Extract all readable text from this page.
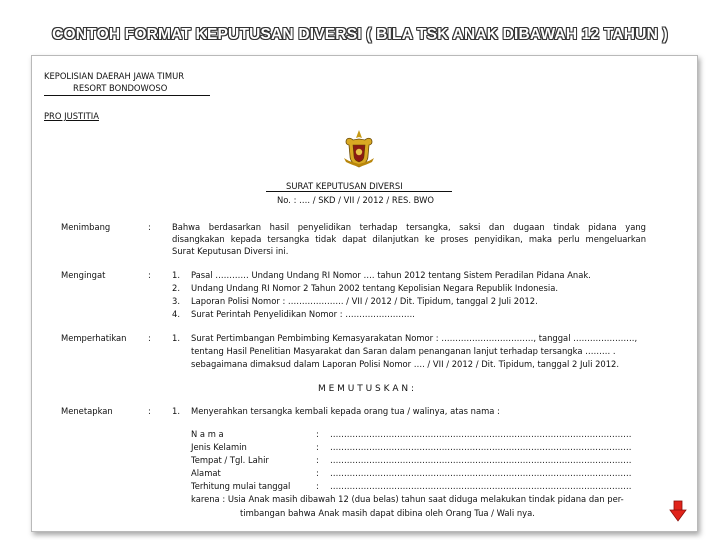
CONTOH FORMAT KEPUTUSAN DIVERSI ( BILA TSK ANAK DIBAWAH 12 TAHUN )
KEPOLISIAN DAERAH JAWA TIMUR
RESORT BONDOWOSO
PRO JUSTITIA
SURAT KEPUTUSAN DIVERSI
No. : …. / SKD / VII / 2012 / RES. BWO
Menimbang	:	Bahwa berdasarkan hasil penyelidikan terhadap tersangka, saksi dan dugaan tindak pidana yang
disangkakan kepada tersangka tidak dapat dilanjutkan ke proses penyidikan, maka perlu mengeluarkan
Surat Keputusan Diversi ini.
Mengingat	:	1. Pasal ………… Undang Undang RI Nomor …. tahun 2012 tentang Sistem Peradilan Pidana Anak.
2. Undang Undang RI Nomor 2 Tahun 2002 tentang Kepolisian Negara Republik Indonesia.
3. Laporan Polisi Nomor : ……………….. / VII / 2012 / Dit. Tipidum, tanggal 2 Juli 2012.
4. Surat Perintah Penyelidikan Nomor : …………………….
Memperhatikan	:	1. Surat Pertimbangan Pembimbing Kemasyarakatan Nomor : ……………………………, tanggal ………………….,
tentang Hasil Penelitian Masyarakat dan Saran dalam penanganan lanjut terhadap tersangka ……… .
sebagaimana dimaksud dalam Laporan Polisi Nomor …. / VII / 2012 / Dit. Tipidum, tanggal 2 Juli 2012.
M E M U T U S K A N :
Menetapkan	:	1. Menyerahkan tersangka kembali kepada orang tua / walinya, atas nama :
N a m a	: ………………………………………………………………………………………………
Jenis Kelamin	: ………………………………………………………………………………………………
Tempat / Tgl. Lahir	: ………………………………………………………………………………………………
Alamat	: ………………………………………………………………………………………………
Terhitung mulai tanggal	: ………………………………………………………………………………………………
karena : Usia Anak masih dibawah 12 (dua belas) tahun saat diduga melakukan tindak pidana dan per-
timbangan bahwa Anak masih dapat dibina oleh Orang Tua / Wali nya.
